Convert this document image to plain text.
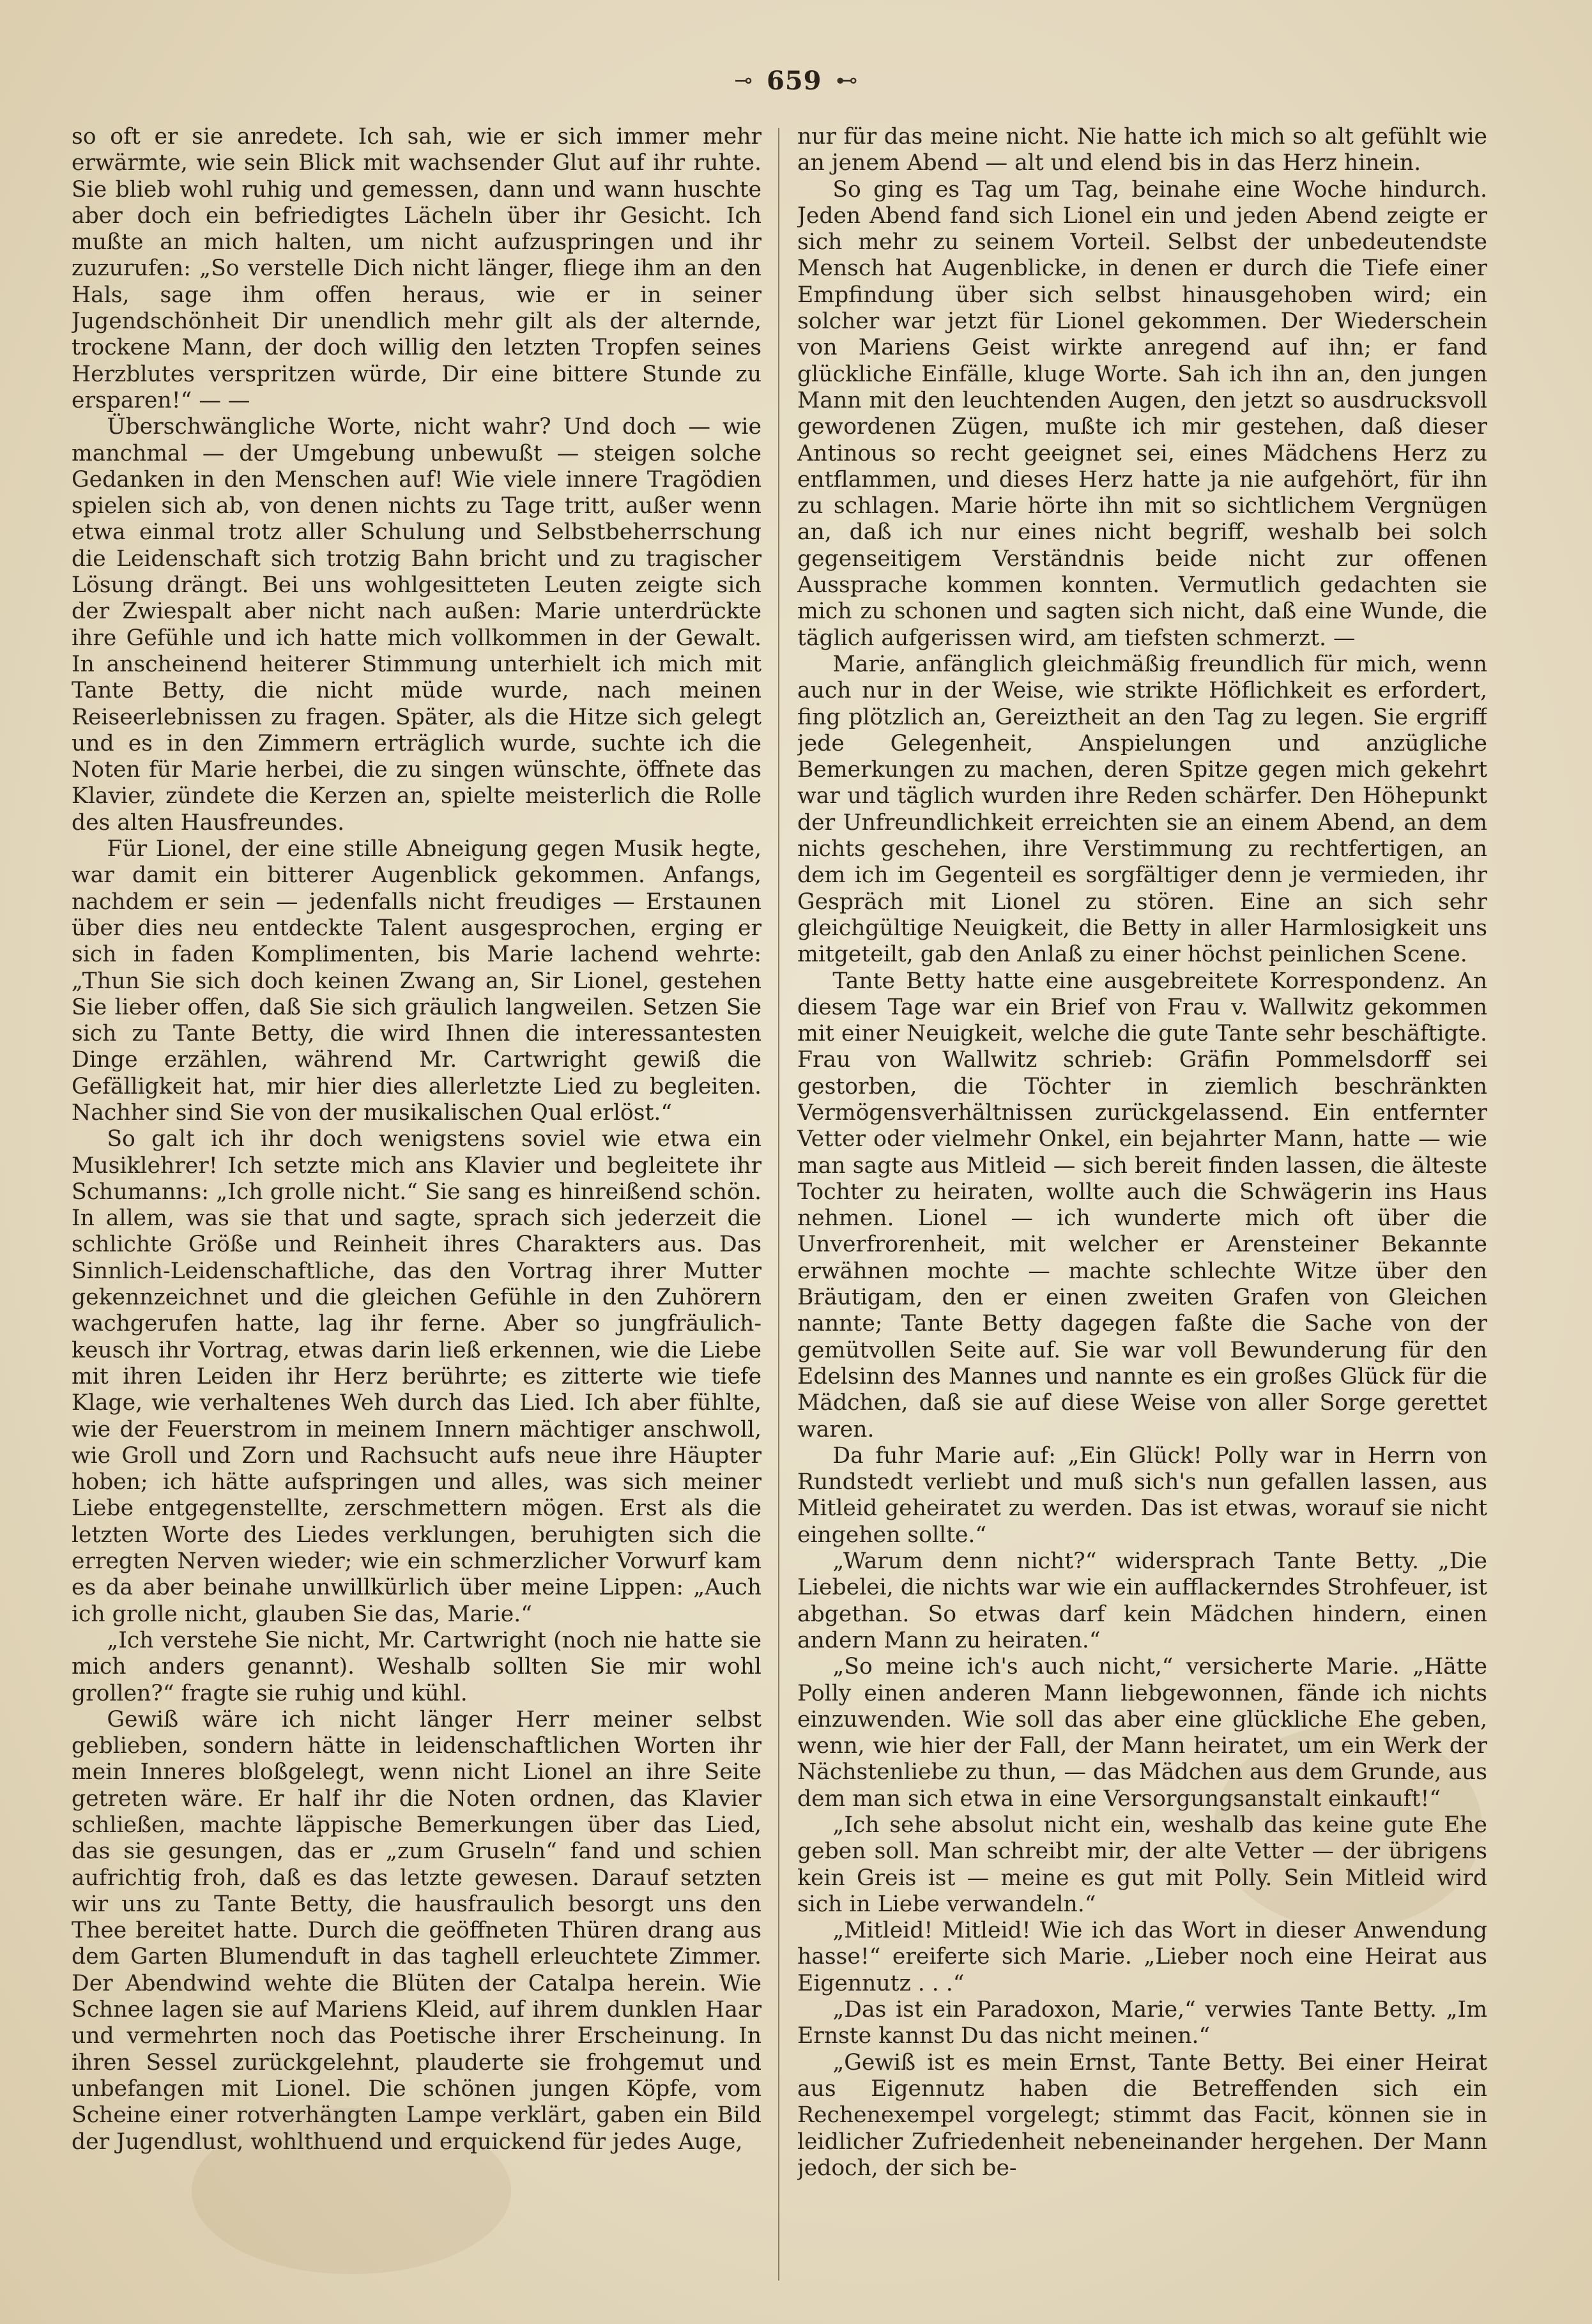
⊸ 659 ⊷

so oft er sie anredete. Ich sah, wie er sich immer mehr erwärmte, wie sein Blick mit wachsender Glut auf ihr ruhte. Sie blieb wohl ruhig und gemessen, dann und wann huschte aber doch ein befriedigtes Lächeln über ihr Gesicht. Ich mußte an mich halten, um nicht aufzuspringen und ihr zuzurufen: „So verstelle Dich nicht länger, fliege ihm an den Hals, sage ihm offen heraus, wie er in seiner Jugendschönheit Dir unendlich mehr gilt als der alternde, trockene Mann, der doch willig den letzten Tropfen seines Herzblutes verspritzen würde, Dir eine bittere Stunde zu ersparen!“ — —

Überschwängliche Worte, nicht wahr? Und doch — wie manchmal — der Umgebung unbewußt — steigen solche Gedanken in den Menschen auf! Wie viele innere Tragödien spielen sich ab, von denen nichts zu Tage tritt, außer wenn etwa einmal trotz aller Schulung und Selbstbeherrschung die Leidenschaft sich trotzig Bahn bricht und zu tragischer Lösung drängt. Bei uns wohlgesitteten Leuten zeigte sich der Zwiespalt aber nicht nach außen: Marie unterdrückte ihre Gefühle und ich hatte mich vollkommen in der Gewalt. In anscheinend heiterer Stimmung unterhielt ich mich mit Tante Betty, die nicht müde wurde, nach meinen Reiseerlebnissen zu fragen. Später, als die Hitze sich gelegt und es in den Zimmern erträglich wurde, suchte ich die Noten für Marie herbei, die zu singen wünschte, öffnete das Klavier, zündete die Kerzen an, spielte meisterlich die Rolle des alten Hausfreundes.

Für Lionel, der eine stille Abneigung gegen Musik hegte, war damit ein bitterer Augenblick gekommen. Anfangs, nachdem er sein — jedenfalls nicht freudiges — Erstaunen über dies neu entdeckte Talent ausgesprochen, erging er sich in faden Komplimenten, bis Marie lachend wehrte: „Thun Sie sich doch keinen Zwang an, Sir Lionel, gestehen Sie lieber offen, daß Sie sich gräulich langweilen. Setzen Sie sich zu Tante Betty, die wird Ihnen die interessantesten Dinge erzählen, während Mr. Cartwright gewiß die Gefälligkeit hat, mir hier dies allerletzte Lied zu begleiten. Nachher sind Sie von der musikalischen Qual erlöst.“

So galt ich ihr doch wenigstens soviel wie etwa ein Musiklehrer! Ich setzte mich ans Klavier und begleitete ihr Schumanns: „Ich grolle nicht.“ Sie sang es hinreißend schön. In allem, was sie that und sagte, sprach sich jederzeit die schlichte Größe und Reinheit ihres Charakters aus. Das Sinnlich-Leidenschaftliche, das den Vortrag ihrer Mutter gekennzeichnet und die gleichen Gefühle in den Zuhörern wachgerufen hatte, lag ihr ferne. Aber so jungfräulich-keusch ihr Vortrag, etwas darin ließ erkennen, wie die Liebe mit ihren Leiden ihr Herz berührte; es zitterte wie tiefe Klage, wie verhaltenes Weh durch das Lied. Ich aber fühlte, wie der Feuerstrom in meinem Innern mächtiger anschwoll, wie Groll und Zorn und Rachsucht aufs neue ihre Häupter hoben; ich hätte aufspringen und alles, was sich meiner Liebe entgegenstellte, zerschmettern mögen. Erst als die letzten Worte des Liedes verklungen, beruhigten sich die erregten Nerven wieder; wie ein schmerzlicher Vorwurf kam es da aber beinahe unwillkürlich über meine Lippen: „Auch ich grolle nicht, glauben Sie das, Marie.“

„Ich verstehe Sie nicht, Mr. Cartwright (noch nie hatte sie mich anders genannt). Weshalb sollten Sie mir wohl grollen?“ fragte sie ruhig und kühl.

Gewiß wäre ich nicht länger Herr meiner selbst geblieben, sondern hätte in leidenschaftlichen Worten ihr mein Inneres bloßgelegt, wenn nicht Lionel an ihre Seite getreten wäre. Er half ihr die Noten ordnen, das Klavier schließen, machte läppische Bemerkungen über das Lied, das sie gesungen, das er „zum Gruseln“ fand und schien aufrichtig froh, daß es das letzte gewesen. Darauf setzten wir uns zu Tante Betty, die hausfraulich besorgt uns den Thee bereitet hatte. Durch die geöffneten Thüren drang aus dem Garten Blumenduft in das taghell erleuchtete Zimmer. Der Abendwind wehte die Blüten der Catalpa herein. Wie Schnee lagen sie auf Mariens Kleid, auf ihrem dunklen Haar und vermehrten noch das Poetische ihrer Erscheinung. In ihren Sessel zurückgelehnt, plauderte sie frohgemut und unbefangen mit Lionel. Die schönen jungen Köpfe, vom Scheine einer rotverhängten Lampe verklärt, gaben ein Bild der Jugendlust, wohlthuend und erquickend für jedes Auge,

nur für das meine nicht. Nie hatte ich mich so alt gefühlt wie an jenem Abend — alt und elend bis in das Herz hinein.

So ging es Tag um Tag, beinahe eine Woche hindurch. Jeden Abend fand sich Lionel ein und jeden Abend zeigte er sich mehr zu seinem Vorteil. Selbst der unbedeutendste Mensch hat Augenblicke, in denen er durch die Tiefe einer Empfindung über sich selbst hinausgehoben wird; ein solcher war jetzt für Lionel gekommen. Der Wiederschein von Mariens Geist wirkte anregend auf ihn; er fand glückliche Einfälle, kluge Worte. Sah ich ihn an, den jungen Mann mit den leuchtenden Augen, den jetzt so ausdrucksvoll gewordenen Zügen, mußte ich mir gestehen, daß dieser Antinous so recht geeignet sei, eines Mädchens Herz zu entflammen, und dieses Herz hatte ja nie aufgehört, für ihn zu schlagen. Marie hörte ihn mit so sichtlichem Vergnügen an, daß ich nur eines nicht begriff, weshalb bei solch gegenseitigem Verständnis beide nicht zur offenen Aussprache kommen konnten. Vermutlich gedachten sie mich zu schonen und sagten sich nicht, daß eine Wunde, die täglich aufgerissen wird, am tiefsten schmerzt. —

Marie, anfänglich gleichmäßig freundlich für mich, wenn auch nur in der Weise, wie strikte Höflichkeit es erfordert, fing plötzlich an, Gereiztheit an den Tag zu legen. Sie ergriff jede Gelegenheit, Anspielungen und anzügliche Bemerkungen zu machen, deren Spitze gegen mich gekehrt war und täglich wurden ihre Reden schärfer. Den Höhepunkt der Unfreundlichkeit erreichten sie an einem Abend, an dem nichts geschehen, ihre Verstimmung zu rechtfertigen, an dem ich im Gegenteil es sorgfältiger denn je vermieden, ihr Gespräch mit Lionel zu stören. Eine an sich sehr gleichgültige Neuigkeit, die Betty in aller Harmlosigkeit uns mitgeteilt, gab den Anlaß zu einer höchst peinlichen Scene.

Tante Betty hatte eine ausgebreitete Korrespondenz. An diesem Tage war ein Brief von Frau v. Wallwitz gekommen mit einer Neuigkeit, welche die gute Tante sehr beschäftigte. Frau von Wallwitz schrieb: Gräfin Pommelsdorff sei gestorben, die Töchter in ziemlich beschränkten Vermögensverhältnissen zurückgelassend. Ein entfernter Vetter oder vielmehr Onkel, ein bejahrter Mann, hatte — wie man sagte aus Mitleid — sich bereit finden lassen, die älteste Tochter zu heiraten, wollte auch die Schwägerin ins Haus nehmen. Lionel — ich wunderte mich oft über die Unverfrorenheit, mit welcher er Arensteiner Bekannte erwähnen mochte — machte schlechte Witze über den Bräutigam, den er einen zweiten Grafen von Gleichen nannte; Tante Betty dagegen faßte die Sache von der gemütvollen Seite auf. Sie war voll Bewunderung für den Edelsinn des Mannes und nannte es ein großes Glück für die Mädchen, daß sie auf diese Weise von aller Sorge gerettet waren.

Da fuhr Marie auf: „Ein Glück! Polly war in Herrn von Rundstedt verliebt und muß sich's nun gefallen lassen, aus Mitleid geheiratet zu werden. Das ist etwas, worauf sie nicht eingehen sollte.“

„Warum denn nicht?“ widersprach Tante Betty. „Die Liebelei, die nichts war wie ein aufflackerndes Strohfeuer, ist abgethan. So etwas darf kein Mädchen hindern, einen andern Mann zu heiraten.“

„So meine ich's auch nicht,“ versicherte Marie. „Hätte Polly einen anderen Mann liebgewonnen, fände ich nichts einzuwenden. Wie soll das aber eine glückliche Ehe geben, wenn, wie hier der Fall, der Mann heiratet, um ein Werk der Nächstenliebe zu thun, — das Mädchen aus dem Grunde, aus dem man sich etwa in eine Versorgungsanstalt einkauft!“

„Ich sehe absolut nicht ein, weshalb das keine gute Ehe geben soll. Man schreibt mir, der alte Vetter — der übrigens kein Greis ist — meine es gut mit Polly. Sein Mitleid wird sich in Liebe verwandeln.“

„Mitleid! Mitleid! Wie ich das Wort in dieser Anwendung hasse!“ ereiferte sich Marie. „Lieber noch eine Heirat aus Eigennutz . . .“

„Das ist ein Paradoxon, Marie,“ verwies Tante Betty. „Im Ernste kannst Du das nicht meinen.“

„Gewiß ist es mein Ernst, Tante Betty. Bei einer Heirat aus Eigennutz haben die Betreffenden sich ein Rechenexempel vorgelegt; stimmt das Facit, können sie in leidlicher Zufriedenheit nebeneinander hergehen. Der Mann jedoch, der sich be-
